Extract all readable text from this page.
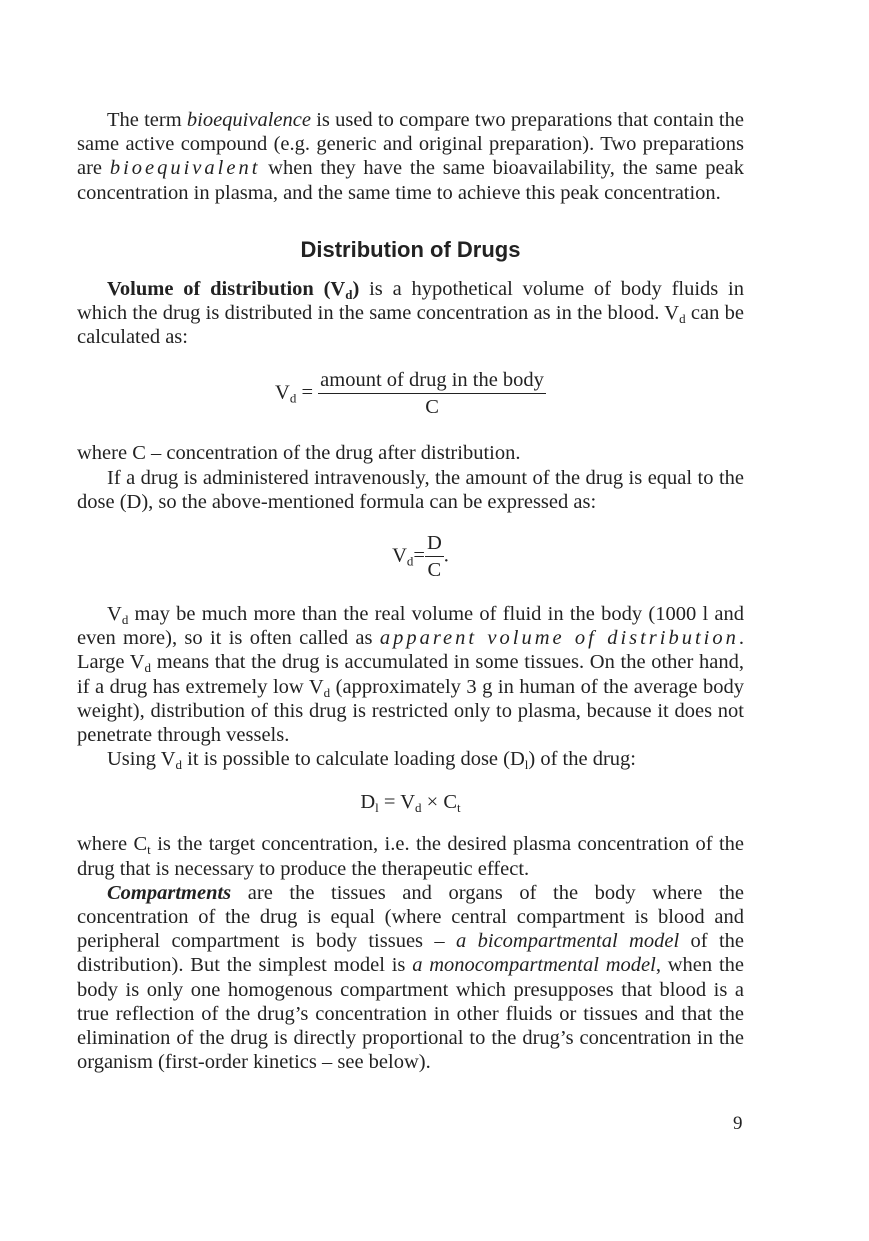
The term bioequivalence is used to compare two preparations that contain the same active compound (e.g. generic and original preparation). Two preparations are bioequivalent when they have the same bioavailability, the same peak concentration in plasma, and the same time to achieve this peak concentration.

Distribution of Drugs

Volume of distribution $(V_d)$ is a hypothetical volume of body fluids in which the drug is distributed in the same concentration as in the blood. $V_d$ can be calculated as:

$V_d = \frac{\text{amount of drug in the body}}{C}$

where C – concentration of the drug after distribution.

If a drug is administered intravenously, the amount of the drug is equal to the dose (D), so the above-mentioned formula can be expressed as:

$V_d= \frac{D}{C}$ .

$V_d$ may be much more than the real volume of fluid in the body (1000 l and even more), so it is often called as apparent volume of distribution. Large $V_d$ means that the drug is accumulated in some tissues. On the other hand, if a drug has extremely low $V_d$ (approximately 3 g in human of the average body weight), distribution of this drug is restricted only to plasma, because it does not penetrate through vessels.

Using $V_d$ it is possible to calculate loading dose $(D_l)$ of the drug:

$D_l = V_d \times C_t$

where $C_t$ is the target concentration, i.e. the desired plasma concentration of the drug that is necessary to produce the therapeutic effect.

Compartments are the tissues and organs of the body where the concentration of the drug is equal (where central compartment is blood and peripheral compartment is body tissues – a bicompartmental model of the distribution). But the simplest model is a monocompartmental model, when the body is only one homogenous compartment which presupposes that blood is a true reflection of the drug’s concentration in other fluids or tissues and that the elimination of the drug is directly proportional to the drug’s concentration in the organism (first-order kinetics – see below).

9
